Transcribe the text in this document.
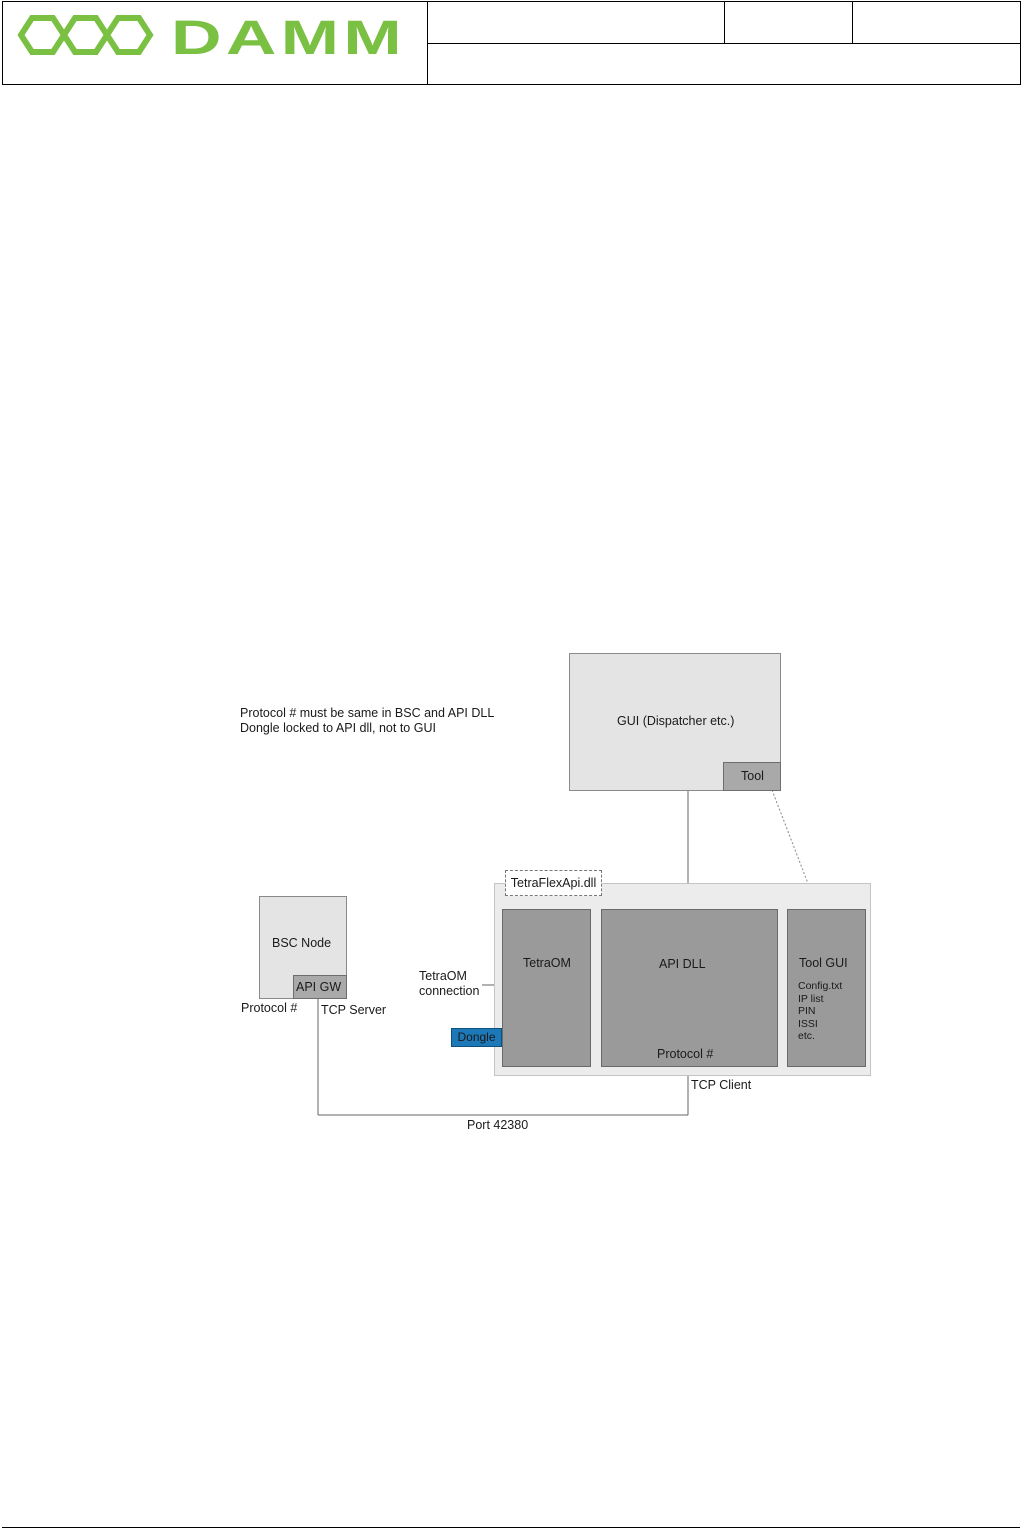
DAMM
Protocol # must be same in BSC and API DLL
Dongle locked to API dll, not to GUI	GUI (Dispatcher etc.)
Tool
TetraFlexApi.dll
TetraOM	API DLL
Protocol #
Tool GUI
Config.txt
IP list
PIN
ISSI
etc.
TetraOM
connection
Dongle
BSC Node
API GW
Protocol # TCP Server
TCP Client
Port 42380
